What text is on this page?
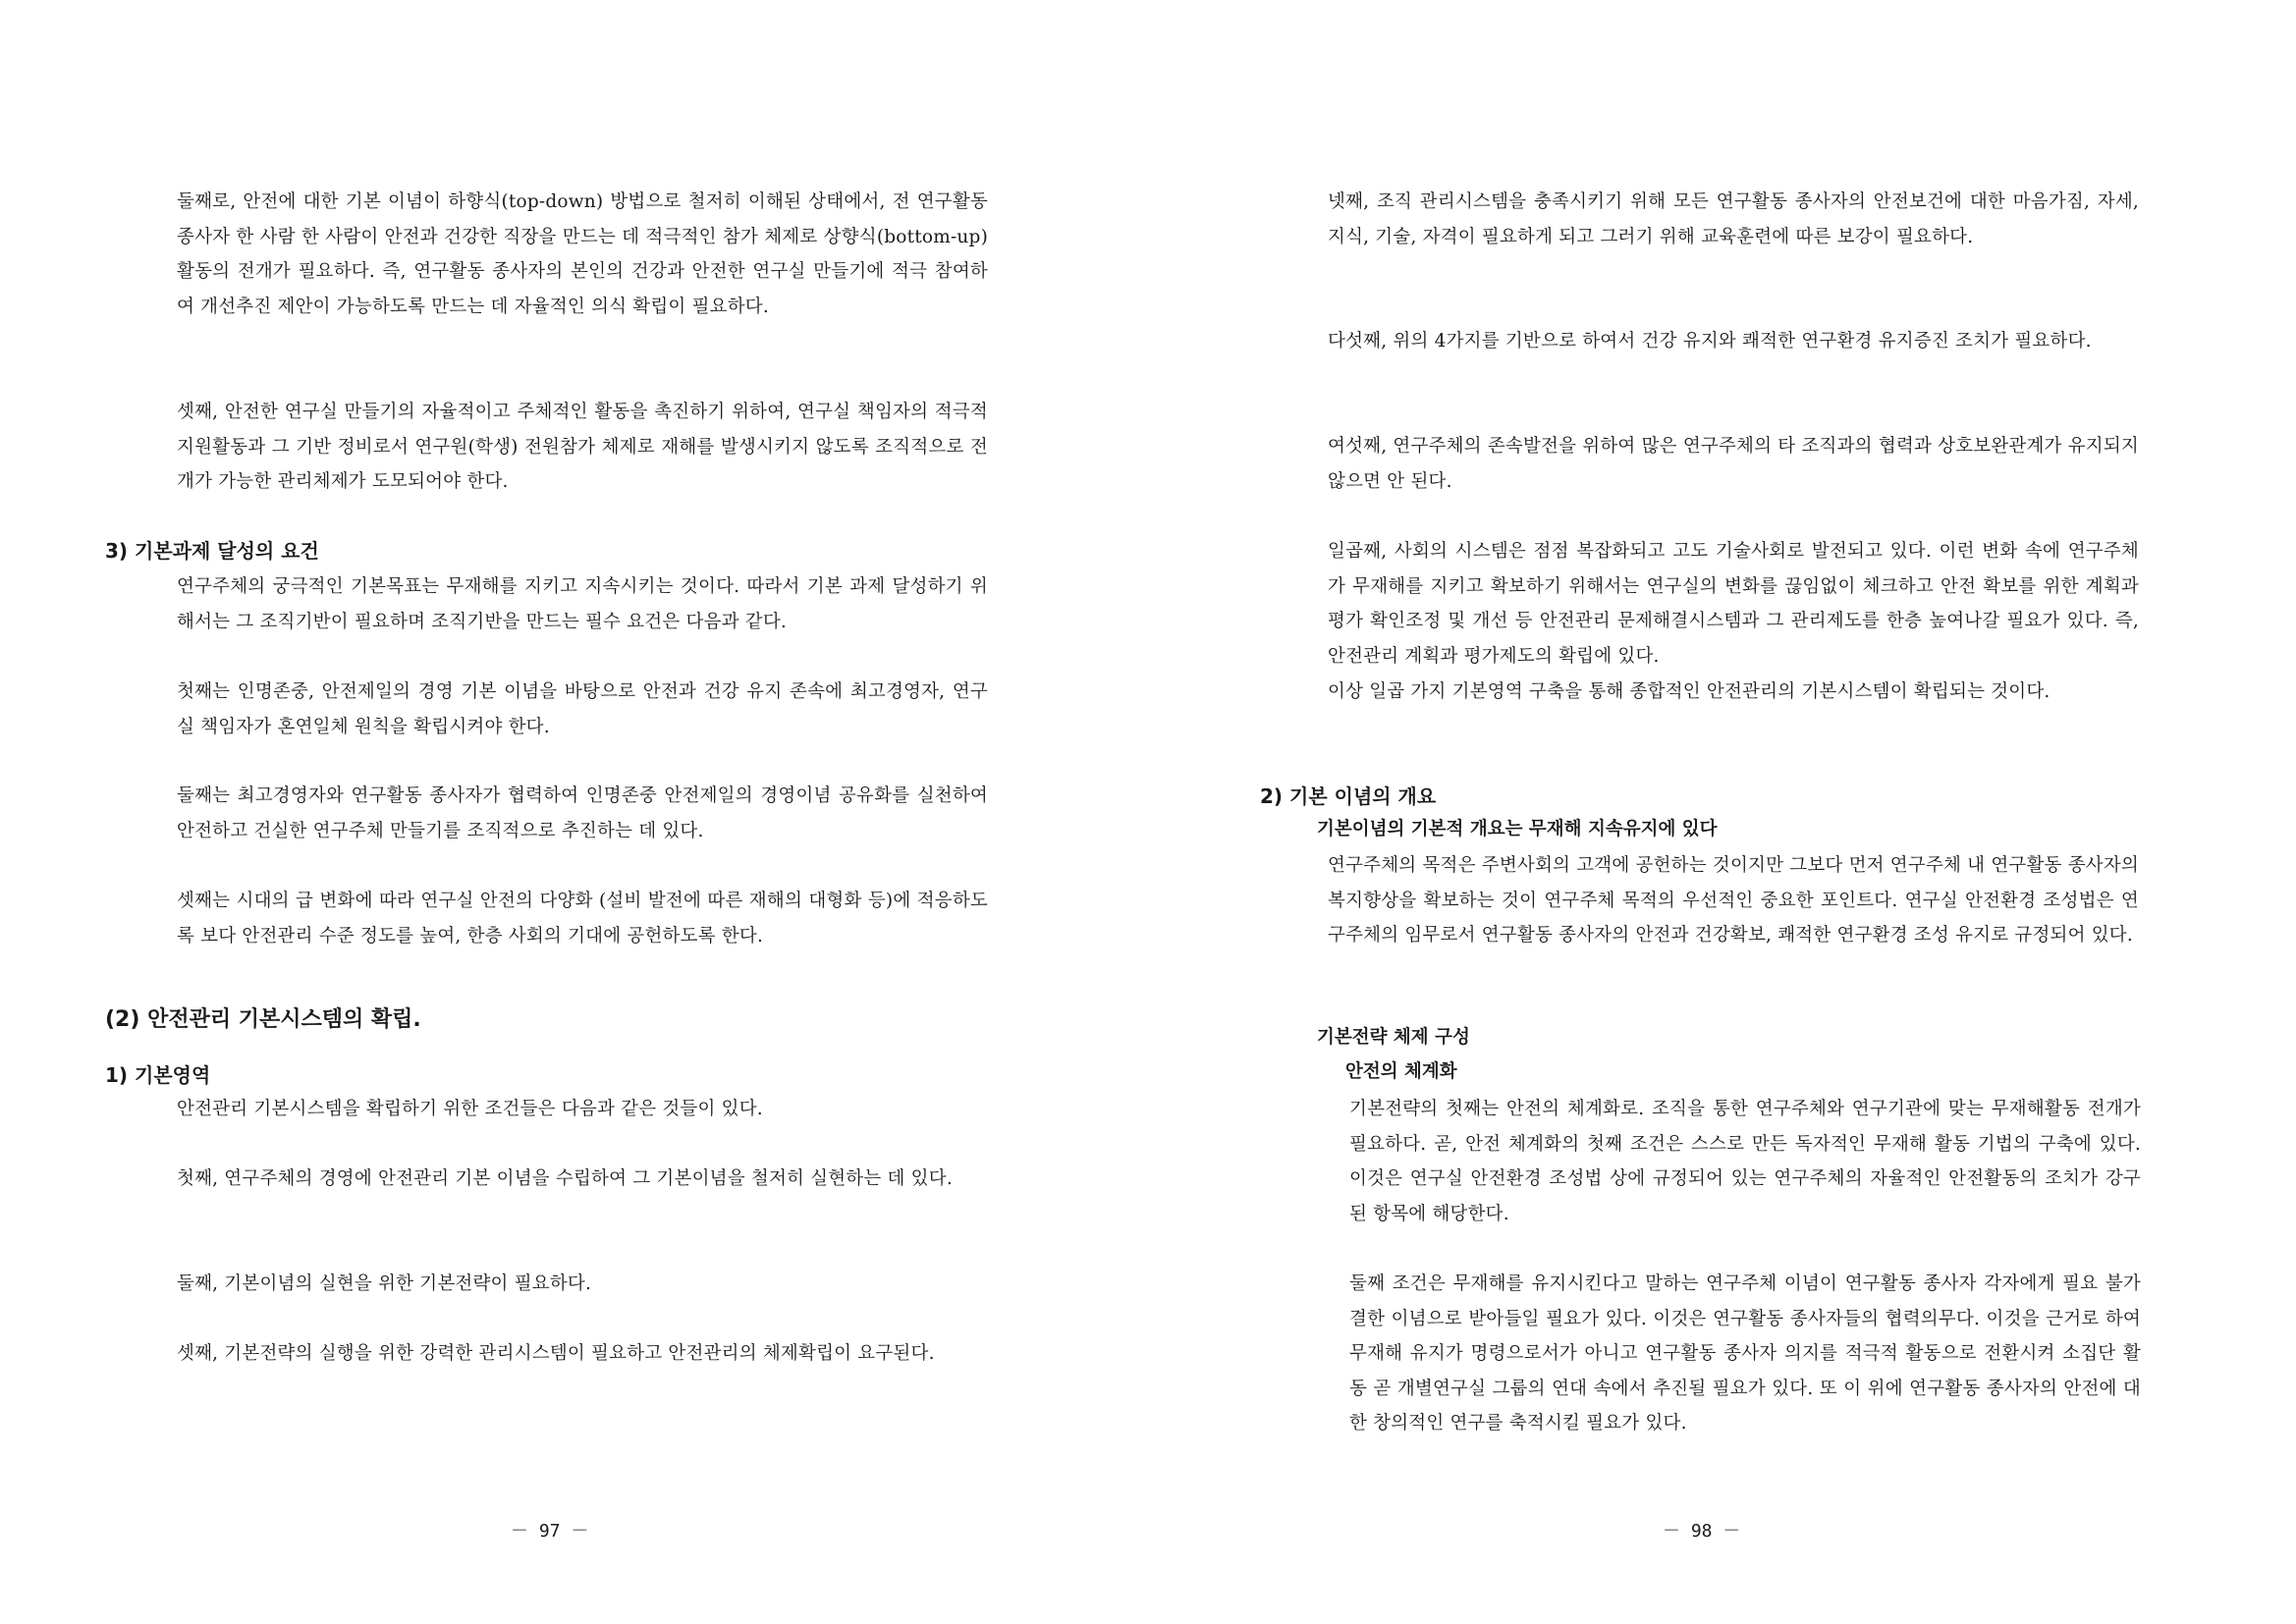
둘째로, 안전에 대한 기본 이념이 하향식(top-down) 방법으로 철저히 이해된 상태에서, 전 연구활동 종사자 한 사람 한 사람이 안전과 건강한 직장을 만드는 데 적극적인 참가 체제로 상향식(bottom-up) 활동의 전개가 필요하다. 즉, 연구활동 종사자의 본인의 건강과 안전한 연구실 만들기에 적극 참여하여 개선추진 제안이 가능하도록 만드는 데 자율적인 의식 확립이 필요하다.
셋째, 안전한 연구실 만들기의 자율적이고 주체적인 활동을 촉진하기 위하여, 연구실 책임자의 적극적 지원활동과 그 기반 정비로서 연구원(학생) 전원참가 체제로 재해를 발생시키지 않도록 조직적으로 전개가 가능한 관리체제가 도모되어야 한다.
3) 기본과제 달성의 요건
연구주체의 궁극적인 기본목표는 무재해를 지키고 지속시키는 것이다. 따라서 기본 과제 달성하기 위해서는 그 조직기반이 필요하며 조직기반을 만드는 필수 요건은 다음과 같다.
첫째는 인명존중, 안전제일의 경영 기본 이념을 바탕으로 안전과 건강 유지 존속에 최고경영자, 연구실 책임자가 혼연일체 원칙을 확립시켜야 한다.
둘째는 최고경영자와 연구활동 종사자가 협력하여 인명존중 안전제일의 경영이념 공유화를 실천하여 안전하고 건실한 연구주체 만들기를 조직적으로 추진하는 데 있다.
셋째는 시대의 급 변화에 따라 연구실 안전의 다양화 (설비 발전에 따른 재해의 대형화 등)에 적응하도록 보다 안전관리 수준 정도를 높여, 한층 사회의 기대에 공헌하도록 한다.
(2) 안전관리 기본시스템의 확립.
1) 기본영역
안전관리 기본시스템을 확립하기 위한 조건들은 다음과 같은 것들이 있다.
첫째, 연구주체의 경영에 안전관리 기본 이념을 수립하여 그 기본이념을 철저히 실현하는 데 있다.
둘째, 기본이념의 실현을 위한 기본전략이 필요하다.
셋째, 기본전략의 실행을 위한 강력한 관리시스템이 필요하고 안전관리의 체제확립이 요구된다.
－ 97 －
넷째, 조직 관리시스템을 충족시키기 위해 모든 연구활동 종사자의 안전보건에 대한 마음가짐, 자세, 지식, 기술, 자격이 필요하게 되고 그러기 위해 교육훈련에 따른 보강이 필요하다.
다섯째, 위의 4가지를 기반으로 하여서 건강 유지와 쾌적한 연구환경 유지증진 조치가 필요하다.
여섯째, 연구주체의 존속발전을 위하여 많은 연구주체의 타 조직과의 협력과 상호보완관계가 유지되지 않으면 안 된다.
일곱째, 사회의 시스템은 점점 복잡화되고 고도 기술사회로 발전되고 있다. 이런 변화 속에 연구주체가 무재해를 지키고 확보하기 위해서는 연구실의 변화를 끊임없이 체크하고 안전 확보를 위한 계획과 평가 확인조정 및 개선 등 안전관리 문제해결시스템과 그 관리제도를 한층 높여나갈 필요가 있다. 즉, 안전관리 계획과 평가제도의 확립에 있다.
이상 일곱 가지 기본영역 구축을 통해 종합적인 안전관리의 기본시스템이 확립되는 것이다.
2) 기본 이념의 개요
기본이념의 기본적 개요는 무재해 지속유지에 있다
연구주체의 목적은 주변사회의 고객에 공헌하는 것이지만 그보다 먼저 연구주체 내 연구활동 종사자의 복지향상을 확보하는 것이 연구주체 목적의 우선적인 중요한 포인트다. 연구실 안전환경 조성법은 연구주체의 임무로서 연구활동 종사자의 안전과 건강확보, 쾌적한 연구환경 조성 유지로 규정되어 있다.
기본전략 체제 구성
안전의 체계화
기본전략의 첫째는 안전의 체계화로. 조직을 통한 연구주체와 연구기관에 맞는 무재해활동 전개가 필요하다. 곧, 안전 체계화의 첫째 조건은 스스로 만든 독자적인 무재해 활동 기법의 구축에 있다. 이것은 연구실 안전환경 조성법 상에 규정되어 있는 연구주체의 자율적인 안전활동의 조치가 강구된 항목에 해당한다.
둘째 조건은 무재해를 유지시킨다고 말하는 연구주체 이념이 연구활동 종사자 각자에게 필요 불가결한 이념으로 받아들일 필요가 있다. 이것은 연구활동 종사자들의 협력의무다. 이것을 근거로 하여 무재해 유지가 명령으로서가 아니고 연구활동 종사자 의지를 적극적 활동으로 전환시켜 소집단 활동 곧 개별연구실 그룹의 연대 속에서 추진될 필요가 있다. 또 이 위에 연구활동 종사자의 안전에 대한 창의적인 연구를 축적시킬 필요가 있다.
－ 98 －
